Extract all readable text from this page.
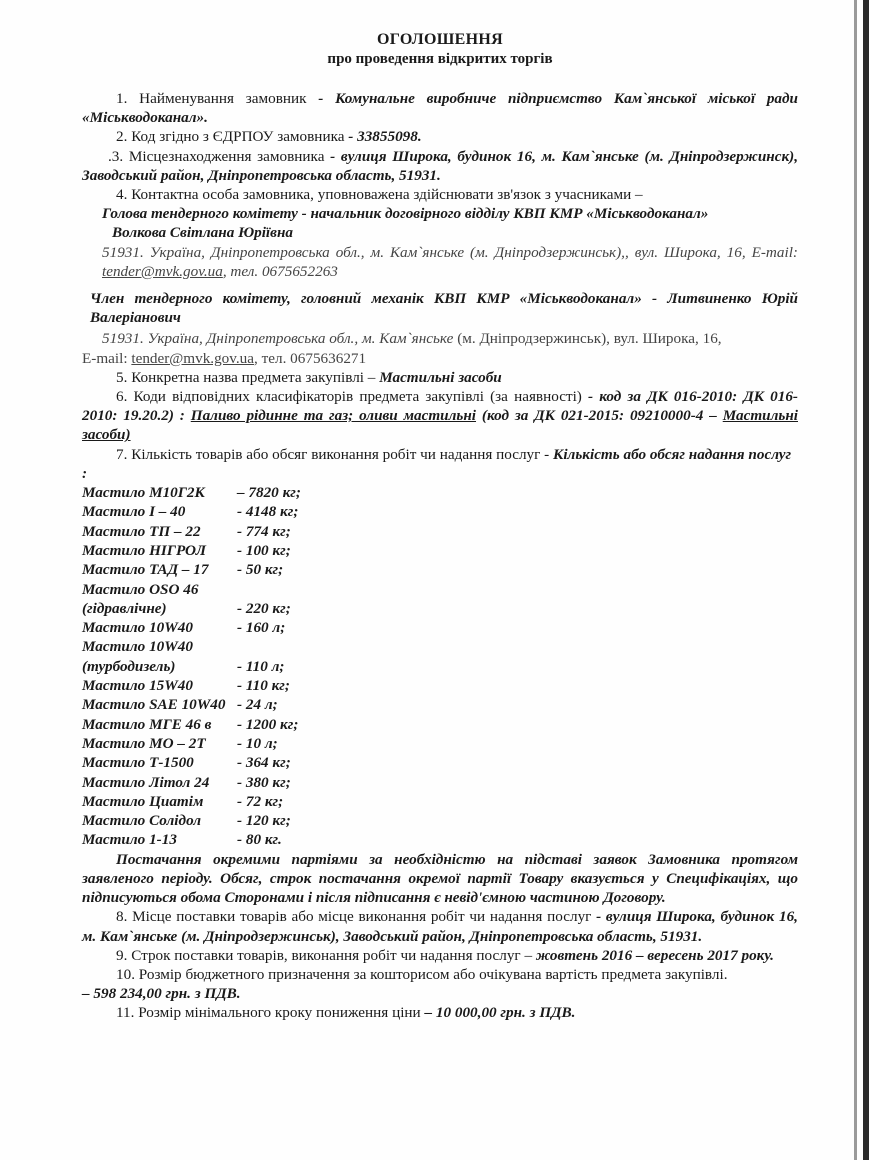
ОГОЛОШЕННЯ
про проведення відкритих торгів

1. Найменування замовник - Комунальне виробниче підприємство Кам`янської міської ради «Міськводоканал».

2. Код згідно з ЄДРПОУ замовника - 33855098.

.3. Місцезнаходження замовника - вулиця Широка, будинок 16, м. Кам`янське (м. Дніпродзержинск), Заводський район, Дніпропетровська область, 51931.

4. Контактна особа замовника, уповноважена здійснювати зв'язок з учасниками –

Голова тендерного комітету - начальник договірного відділу КВП КМР «Міськводоканал»

Волкова Світлана Юріївна

51931. Україна, Дніпропетровська обл., м. Кам`янське (м. Дніпродзержинськ),, вул. Широка, 16, E-mail: tender@mvk.gov.ua, тел. 0675652263

Член тендерного комітету, головний механік КВП КМР «Міськводоканал» - Литвиненко Юрій Валеріанович

51931. Україна, Дніпропетровська обл., м. Кам`янське (м. Дніпродзержинськ), вул. Широка, 16,

E-mail: tender@mvk.gov.ua, тел. 0675636271

5. Конкретна назва предмета закупівлі – Мастильні засоби

6. Коди відповідних класифікаторів предмета закупівлі (за наявності) - код за ДК 016-2010: ДК 016-2010: 19.20.2) : Паливо рідинне та газ; оливи мастильні (код за ДК 021-2015: 09210000-4 – Мастильні засоби)

7. Кількість товарів або обсяг виконання робіт чи надання послуг - Кількість або обсяг надання послуг :

Мастило М10Г2К	– 7820 кг;
Мастило І – 40	- 4148 кг;
Мастило ТП – 22	- 774 кг;
Мастило НІГРОЛ	- 100 кг;
Мастило ТАД – 17	- 50 кг;
Мастило OSO 46
(гідравлічне)	- 220 кг;
Мастило 10W40	- 160 л;
Мастило 10W40
(турбодизель)	- 110 л;
Мастило 15W40	- 110 кг;
Мастило SAE 10W40 - 24 л;
Мастило МГЕ 46 в	- 1200 кг;
Мастило МО – 2Т	- 10 л;
Мастило Т-1500	- 364 кг;
Мастило Літол 24	- 380 кг;
Мастило Циатім	- 72 кг;
Мастило Солідол	- 120 кг;
Мастило 1-13	- 80 кг.

Постачання окремими партіями за необхідністю на підставі заявок Замовника протягом заявленого періоду. Обсяг, строк постачання окремої партії Товару вказується у Специфікаціях, що підписуються обома Сторонами і після підписання є невід'ємною частиною Договору.

8. Місце поставки товарів або місце виконання робіт чи надання послуг - вулиця Широка, будинок 16, м. Кам`янське (м. Дніпродзержинськ), Заводський район, Дніпропетровська область, 51931.

9. Строк поставки товарів, виконання робіт чи надання послуг – жовтень 2016 – вересень 2017 року.

10. Розмір бюджетного призначення за кошторисом або очікувана вартість предмета закупівлі.

– 598 234,00 грн. з ПДВ.

11. Розмір мінімального кроку пониження ціни – 10 000,00 грн. з ПДВ.
